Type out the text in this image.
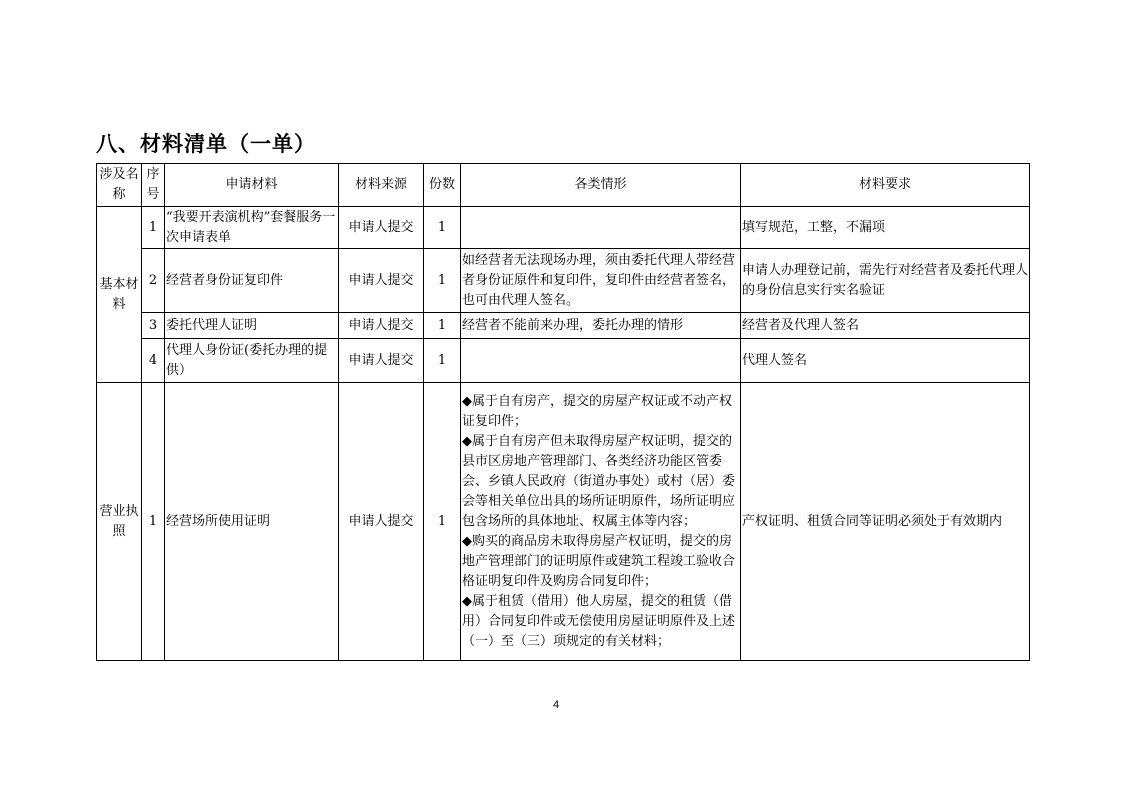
八、材料清单（一单）
涉及名称	序号	申请材料	材料来源	份数	各类情形	材料要求
基本材料	1	“我要开表演机构”套餐服务一次申请表单	申请人提交	1		填写规范，工整，不漏项
	2	经营者身份证复印件	申请人提交	1	如经营者无法现场办理，须由委托代理人带经营者身份证原件和复印件，复印件由经营者签名，也可由代理人签名。	申请人办理登记前，需先行对经营者及委托代理人的身份信息实行实名验证
	3	委托代理人证明	申请人提交	1	经营者不能前来办理，委托办理的情形	经营者及代理人签名
	4	代理人身份证(委托办理的提供）	申请人提交	1		代理人签名
营业执照	1	经营场所使用证明	申请人提交	1	◆属于自有房产，提交的房屋产权证或不动产权证复印件；
◆属于自有房产但未取得房屋产权证明，提交的县市区房地产管理部门、各类经济功能区管委会、乡镇人民政府（街道办事处）或村（居）委会等相关单位出具的场所证明原件，场所证明应包含场所的具体地址、权属主体等内容；
◆购买的商品房未取得房屋产权证明，提交的房地产管理部门的证明原件或建筑工程竣工验收合格证明复印件及购房合同复印件；
◆属于租赁（借用）他人房屋，提交的租赁（借用）合同复印件或无偿使用房屋证明原件及上述（一）至（三）项规定的有关材料；	产权证明、租赁合同等证明必须处于有效期内
4
